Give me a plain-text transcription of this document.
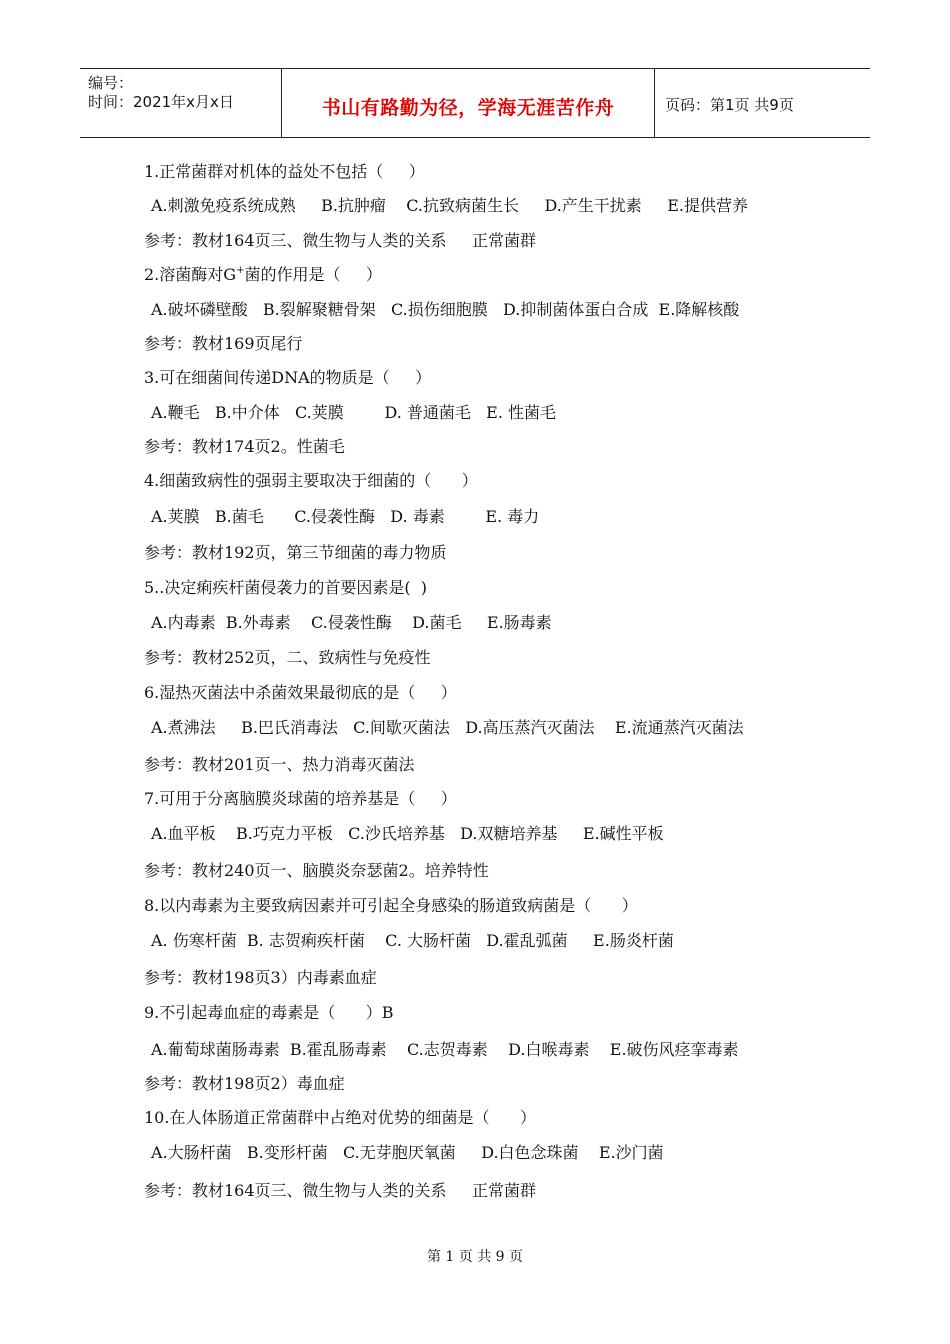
编号：
时间：2021年x月x日	书山有路勤为径，学海无涯苦作舟	页码：第1页 共9页
1.正常菌群对机体的益处不包括（     ）
A.刺激免疫系统成熟     B.抗肿瘤    C.抗致病菌生长     D.产生干扰素     E.提供营养
参考：教材164页三、微生物与人类的关系     正常菌群
2.溶菌酶对G+菌的作用是（     ）
A.破坏磷壁酸   B.裂解聚糖骨架   C.损伤细胞膜   D.抑制菌体蛋白合成  E.降解核酸
参考：教材169页尾行
3.可在细菌间传递DNA的物质是（     ）
A.鞭毛   B.中介体   C.荚膜        D. 普通菌毛   E. 性菌毛
参考：教材174页2。性菌毛
4.细菌致病性的强弱主要取决于细菌的（      ）
A.荚膜   B.菌毛      C.侵袭性酶   D. 毒素        E. 毒力
参考：教材192页，第三节细菌的毒力物质
5..决定痢疾杆菌侵袭力的首要因素是(  )
A.内毒素  B.外毒素    C.侵袭性酶    D.菌毛     E.肠毒素
参考：教材252页，二、致病性与免疫性
6.湿热灭菌法中杀菌效果最彻底的是（     ）
A.煮沸法     B.巴氏消毒法   C.间歇灭菌法   D.高压蒸汽灭菌法    E.流通蒸汽灭菌法
参考：教材201页一、热力消毒灭菌法
7.可用于分离脑膜炎球菌的培养基是（     ）
A.血平板    B.巧克力平板   C.沙氏培养基   D.双糖培养基     E.碱性平板
参考：教材240页一、脑膜炎奈瑟菌2。培养特性
8.以内毒素为主要致病因素并可引起全身感染的肠道致病菌是（      ）
A. 伤寒杆菌  B. 志贺痢疾杆菌    C. 大肠杆菌   D.霍乱弧菌     E.肠炎杆菌
参考：教材198页3）内毒素血症
9.不引起毒血症的毒素是（      ）B
A.葡萄球菌肠毒素  B.霍乱肠毒素    C.志贺毒素    D.白喉毒素    E.破伤风痉挛毒素
参考：教材198页2）毒血症
10.在人体肠道正常菌群中占绝对优势的细菌是（      ）
A.大肠杆菌   B.变形杆菌   C.无芽胞厌氧菌     D.白色念珠菌    E.沙门菌
参考：教材164页三、微生物与人类的关系     正常菌群
第 1 页 共 9 页
